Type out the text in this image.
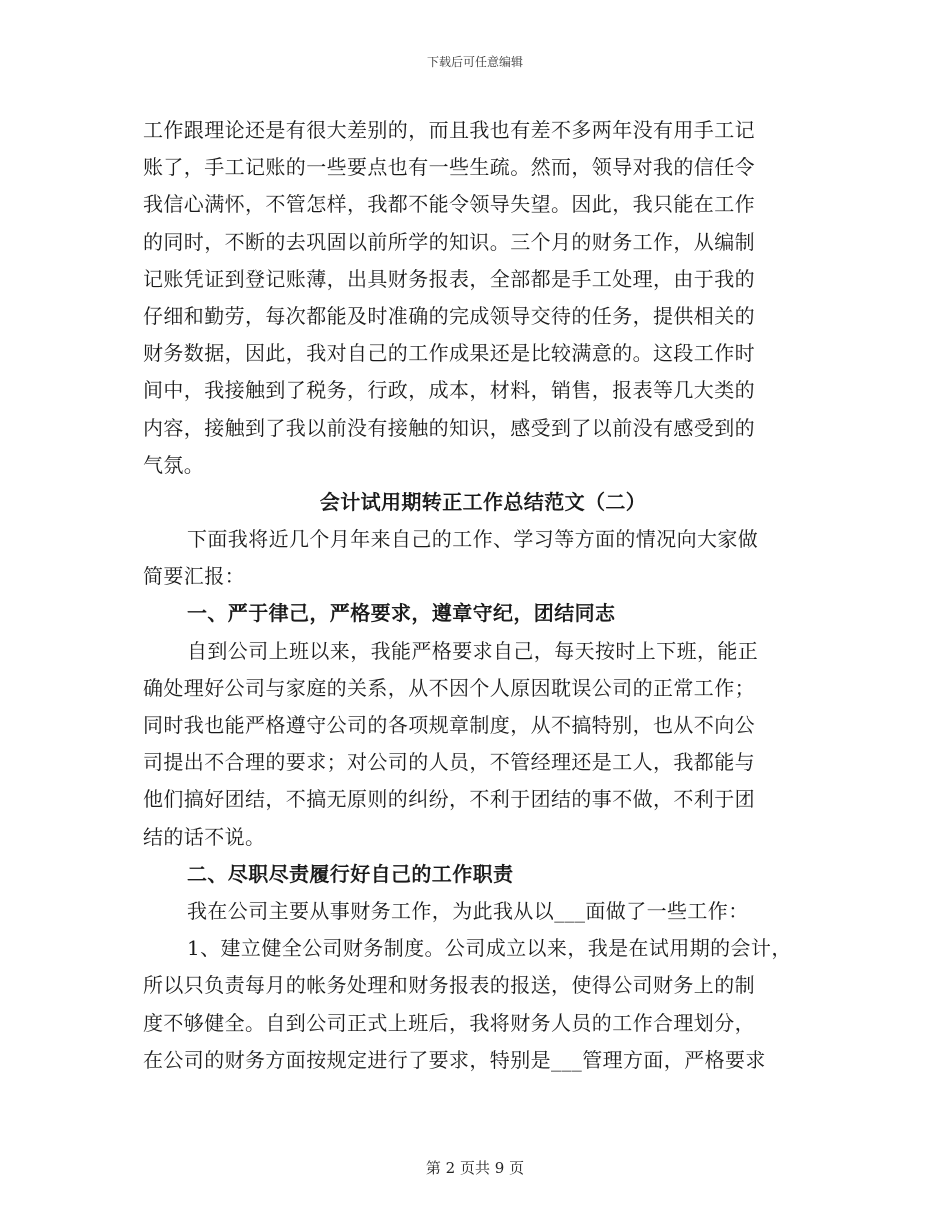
下载后可任意编辑
工作跟理论还是有很大差别的，而且我也有差不多两年没有用手工记
账了，手工记账的一些要点也有一些生疏。然而，领导对我的信任令
我信心满怀，不管怎样，我都不能令领导失望。因此，我只能在工作
的同时，不断的去巩固以前所学的知识。三个月的财务工作，从编制
记账凭证到登记账薄，出具财务报表，全部都是手工处理，由于我的
仔细和勤劳，每次都能及时准确的完成领导交待的任务，提供相关的
财务数据，因此，我对自己的工作成果还是比较满意的。这段工作时
间中，我接触到了税务，行政，成本，材料，销售，报表等几大类的
内容，接触到了我以前没有接触的知识，感受到了以前没有感受到的
气氛。
会计试用期转正工作总结范文（二）
下面我将近几个月年来自己的工作、学习等方面的情况向大家做
简要汇报：
一、严于律己，严格要求，遵章守纪，团结同志
自到公司上班以来，我能严格要求自己，每天按时上下班，能正
确处理好公司与家庭的关系，从不因个人原因耽误公司的正常工作；
同时我也能严格遵守公司的各项规章制度，从不搞特别，也从不向公
司提出不合理的要求；对公司的人员，不管经理还是工人，我都能与
他们搞好团结，不搞无原则的纠纷，不利于团结的事不做，不利于团
结的话不说。
二、尽职尽责履行好自己的工作职责
我在公司主要从事财务工作，为此我从以___面做了一些工作：
1、建立健全公司财务制度。公司成立以来，我是在试用期的会计，
所以只负责每月的帐务处理和财务报表的报送，使得公司财务上的制
度不够健全。自到公司正式上班后，我将财务人员的工作合理划分，
在公司的财务方面按规定进行了要求，特别是___管理方面，严格要求
第 2 页共 9 页
